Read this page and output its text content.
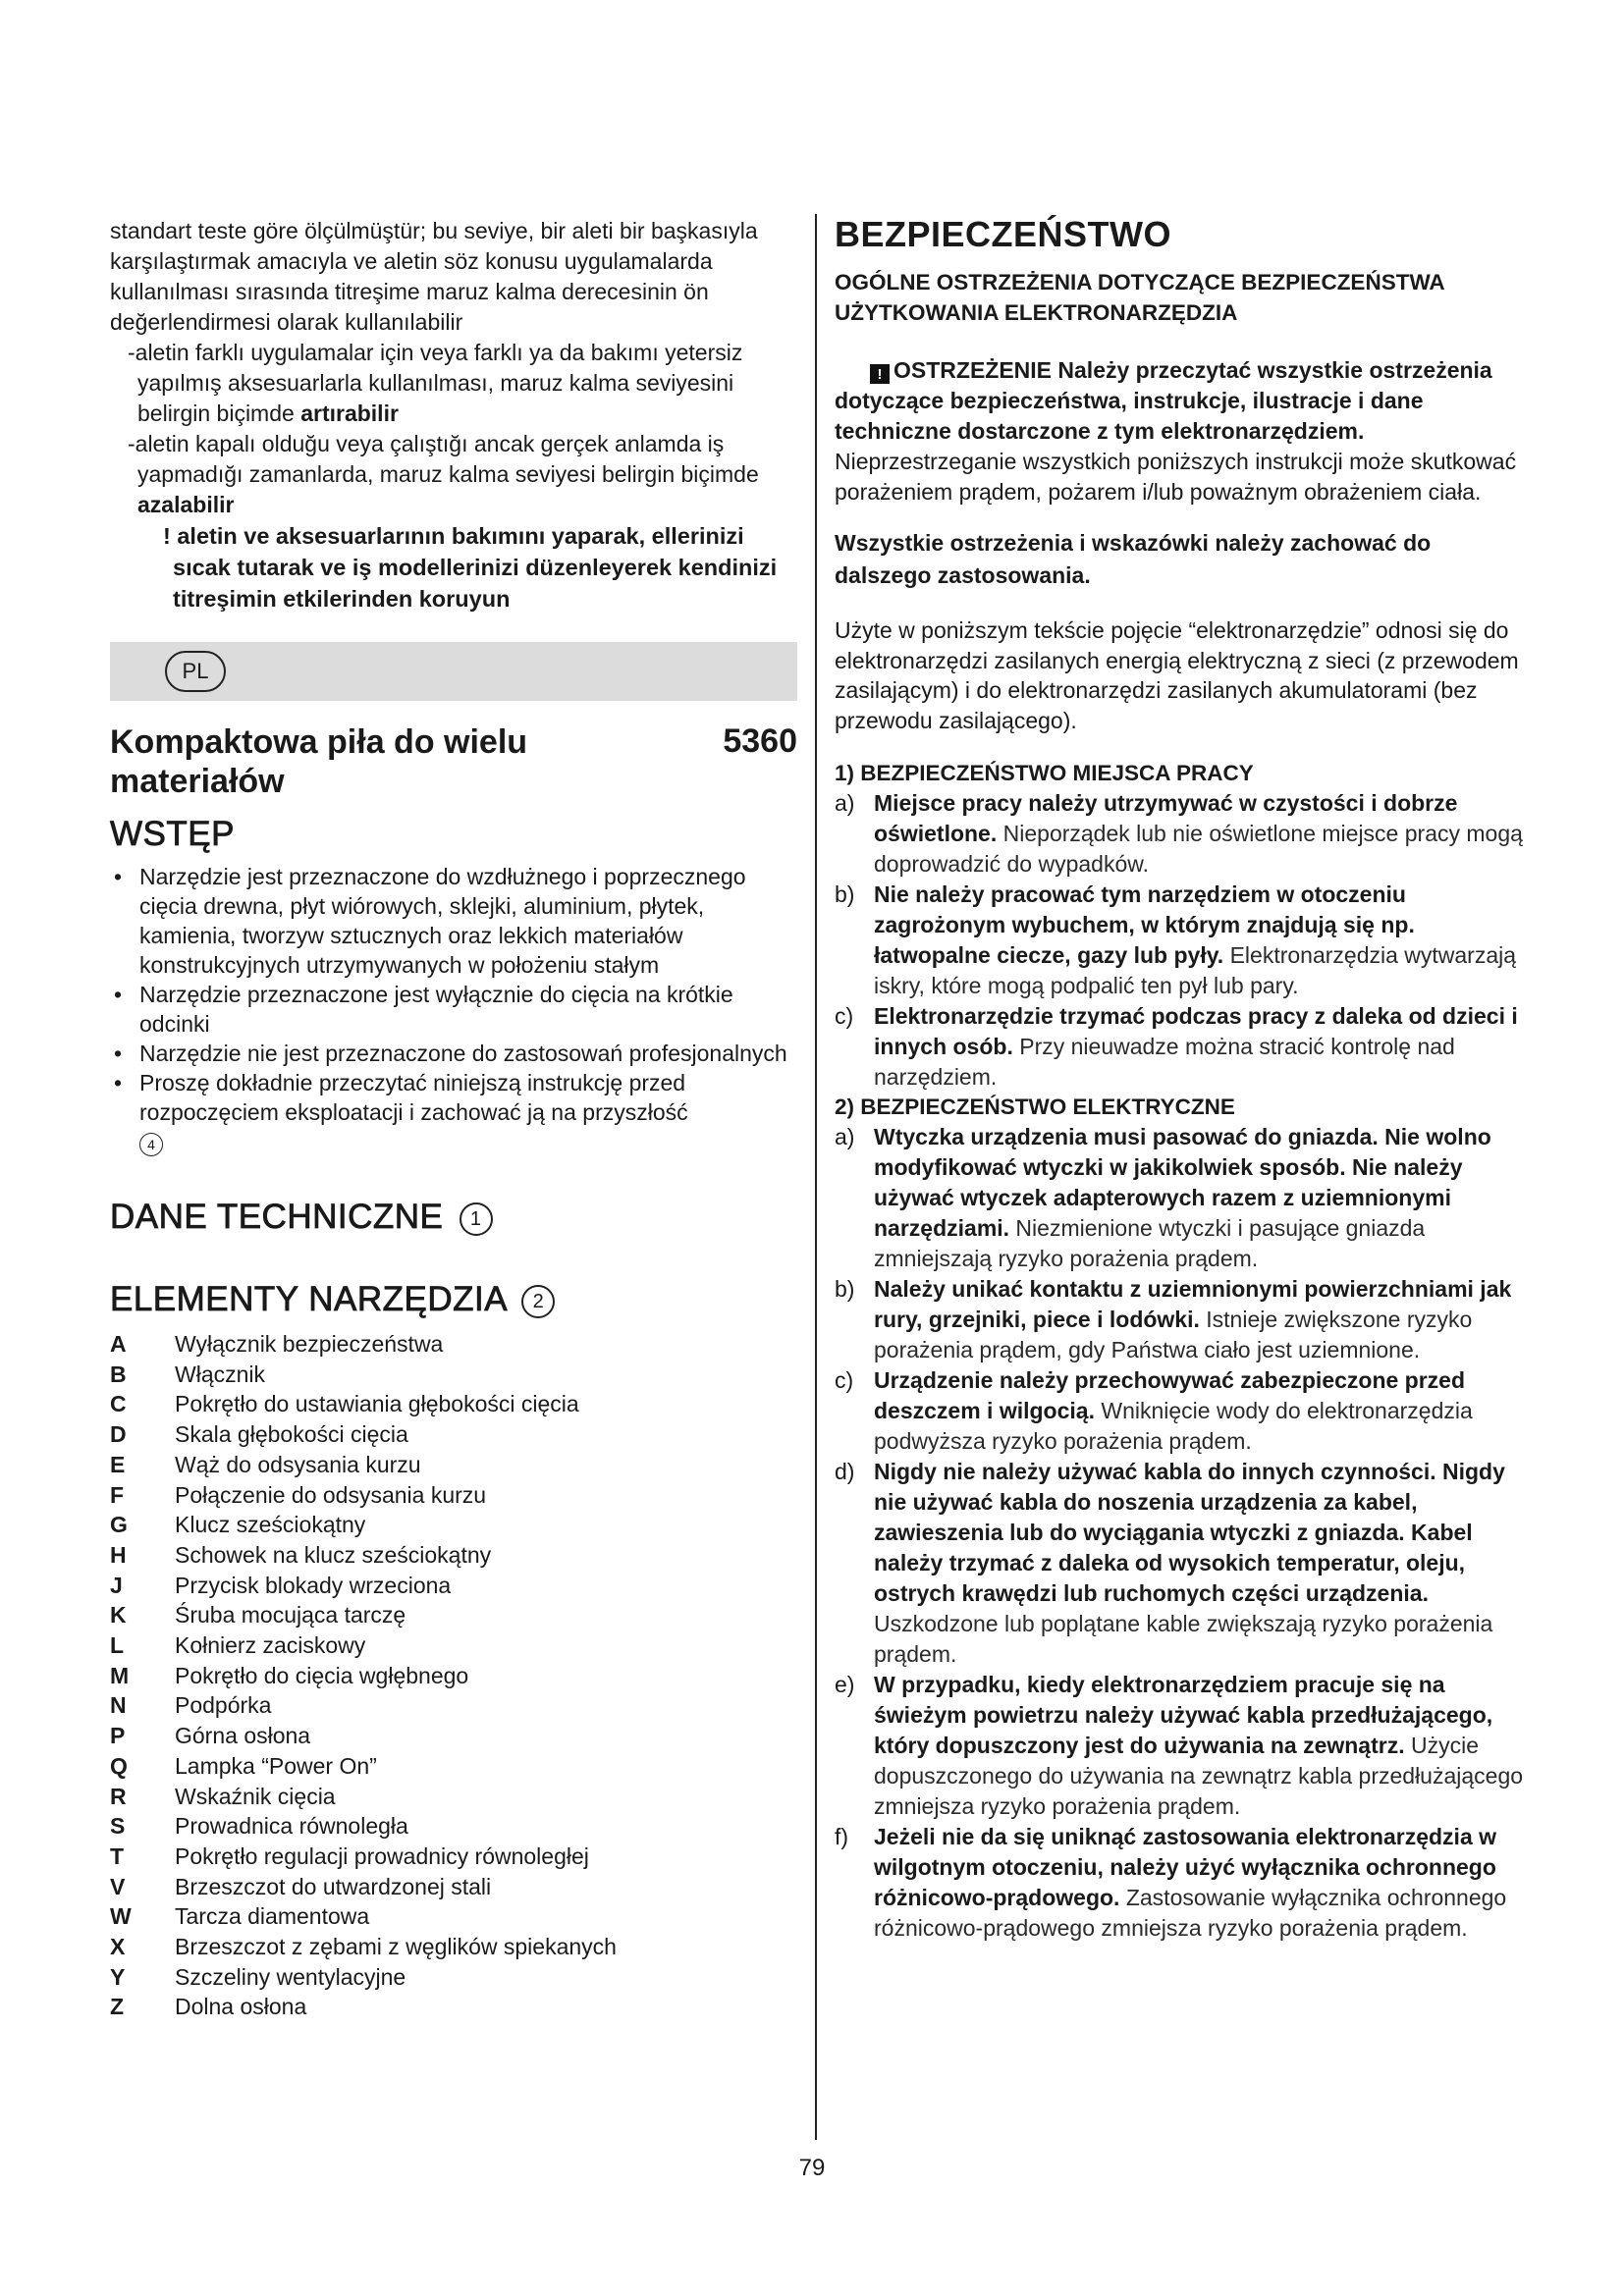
standart teste göre ölçülmüştür; bu seviye, bir aleti bir başkasıyla karşılaştırmak amacıyla ve aletin söz konusu uygulamalarda kullanılması sırasında titreşime maruz kalma derecesinin ön değerlendirmesi olarak kullanılabilir

-aletin farklı uygulamalar için veya farklı ya da bakımı yetersiz yapılmış aksesuarlarla kullanılması, maruz kalma seviyesini belirgin biçimde artırabilir
-aletin kapalı olduğu veya çalıştığı ancak gerçek anlamda iş yapmadığı zamanlarda, maruz kalma seviyesi belirgin biçimde azalabilir

! aletin ve aksesuarlarının bakımını yaparak, ellerinizi sıcak tutarak ve iş modellerinizi düzenleyerek kendinizi titreşimin etkilerinden koruyun

PL
Kompaktowa piła do wielu materiałów
5360
WSTĘP
• Narzędzie jest przeznaczone do wzdłużnego i poprzecznego cięcia drewna, płyt wiórowych, sklejki, aluminium, płytek, kamienia, tworzyw sztucznych oraz lekkich materiałów konstrukcyjnych utrzymywanych w położeniu stałym
• Narzędzie przeznaczone jest wyłącznie do cięcia na krótkie odcinki
• Narzędzie nie jest przeznaczone do zastosowań profesjonalnych
• Proszę dokładnie przeczytać niniejszą instrukcję przed rozpoczęciem eksploatacji i zachować ją na przyszłość
4
DANE TECHNICZNE 1
ELEMENTY NARZĘDZIA 2
A	Wyłącznik bezpieczeństwa
B	Włącznik
C	Pokrętło do ustawiania głębokości cięcia
D	Skala głębokości cięcia
E	Wąż do odsysania kurzu
F	Połączenie do odsysania kurzu
G	Klucz sześciokątny
H	Schowek na klucz sześciokątny
J	Przycisk blokady wrzeciona
K	Śruba mocująca tarczę
L	Kołnierz zaciskowy
M	Pokrętło do cięcia wgłębnego
N	Podpórka
P	Górna osłona
Q	Lampka “Power On”
R	Wskaźnik cięcia
S	Prowadnica równoległa
T	Pokrętło regulacji prowadnicy równoległej
V	Brzeszczot do utwardzonej stali
W	Tarcza diamentowa
X	Brzeszczot z zębami z węglików spiekanych
Y	Szczeliny wentylacyjne
Z	Dolna osłona
BEZPIECZEŃSTWO
OGÓLNE OSTRZEŻENIA DOTYCZĄCE BEZPIECZEŃSTWA UŻYTKOWANIA ELEKTRONARZĘDZIA

! OSTRZEŻENIE Należy przeczytać wszystkie ostrzeżenia dotyczące bezpieczeństwa, instrukcje, ilustracje i dane techniczne dostarczone z tym elektronarzędziem. Nieprzestrzeganie wszystkich poniższych instrukcji może skutkować porażeniem prądem, pożarem i/lub poważnym obrażeniem ciała.

Wszystkie ostrzeżenia i wskazówki należy zachować do dalszego zastosowania.

Użyte w poniższym tekście pojęcie “elektronarzędzie” odnosi się do elektronarzędzi zasilanych energią elektryczną z sieci (z przewodem zasilającym) i do elektronarzędzi zasilanych akumulatorami (bez przewodu zasilającego).

1) BEZPIECZEŃSTWO MIEJSCA PRACY
a) Miejsce pracy należy utrzymywać w czystości i dobrze oświetlone. Nieporządek lub nie oświetlone miejsce pracy mogą doprowadzić do wypadków.
b) Nie należy pracować tym narzędziem w otoczeniu zagrożonym wybuchem, w którym znajdują się np. łatwopalne ciecze, gazy lub pyły. Elektronarzędzia wytwarzają iskry, które mogą podpalić ten pył lub pary.
c) Elektronarzędzie trzymać podczas pracy z daleka od dzieci i innych osób. Przy nieuwadze można stracić kontrolę nad narzędziem.
2) BEZPIECZEŃSTWO ELEKTRYCZNE
a) Wtyczka urządzenia musi pasować do gniazda. Nie wolno modyfikować wtyczki w jakikolwiek sposób. Nie należy używać wtyczek adapterowych razem z uziemnionymi narzędziami. Niezmienione wtyczki i pasujące gniazda zmniejszają ryzyko porażenia prądem.
b) Należy unikać kontaktu z uziemnionymi powierzchniami jak rury, grzejniki, piece i lodówki. Istnieje zwiększone ryzyko porażenia prądem, gdy Państwa ciało jest uziemnione.
c) Urządzenie należy przechowywać zabezpieczone przed deszczem i wilgocią. Wniknięcie wody do elektronarzędzia podwyższa ryzyko porażenia prądem.
d) Nigdy nie należy używać kabla do innych czynności. Nigdy nie używać kabla do noszenia urządzenia za kabel, zawieszenia lub do wyciągania wtyczki z gniazda. Kabel należy trzymać z daleka od wysokich temperatur, oleju, ostrych krawędzi lub ruchomych części urządzenia. Uszkodzone lub poplątane kable zwiększają ryzyko porażenia prądem.
e) W przypadku, kiedy elektronarzędziem pracuje się na świeżym powietrzu należy używać kabla przedłużającego, który dopuszczony jest do używania na zewnątrz. Użycie dopuszczonego do używania na zewnątrz kabla przedłużającego zmniejsza ryzyko porażenia prądem.
f) Jeżeli nie da się uniknąć zastosowania elektronarzędzia w wilgotnym otoczeniu, należy użyć wyłącznika ochronnego różnicowo-prądowego. Zastosowanie wyłącznika ochronnego różnicowo-prądowego zmniejsza ryzyko porażenia prądem.
79
